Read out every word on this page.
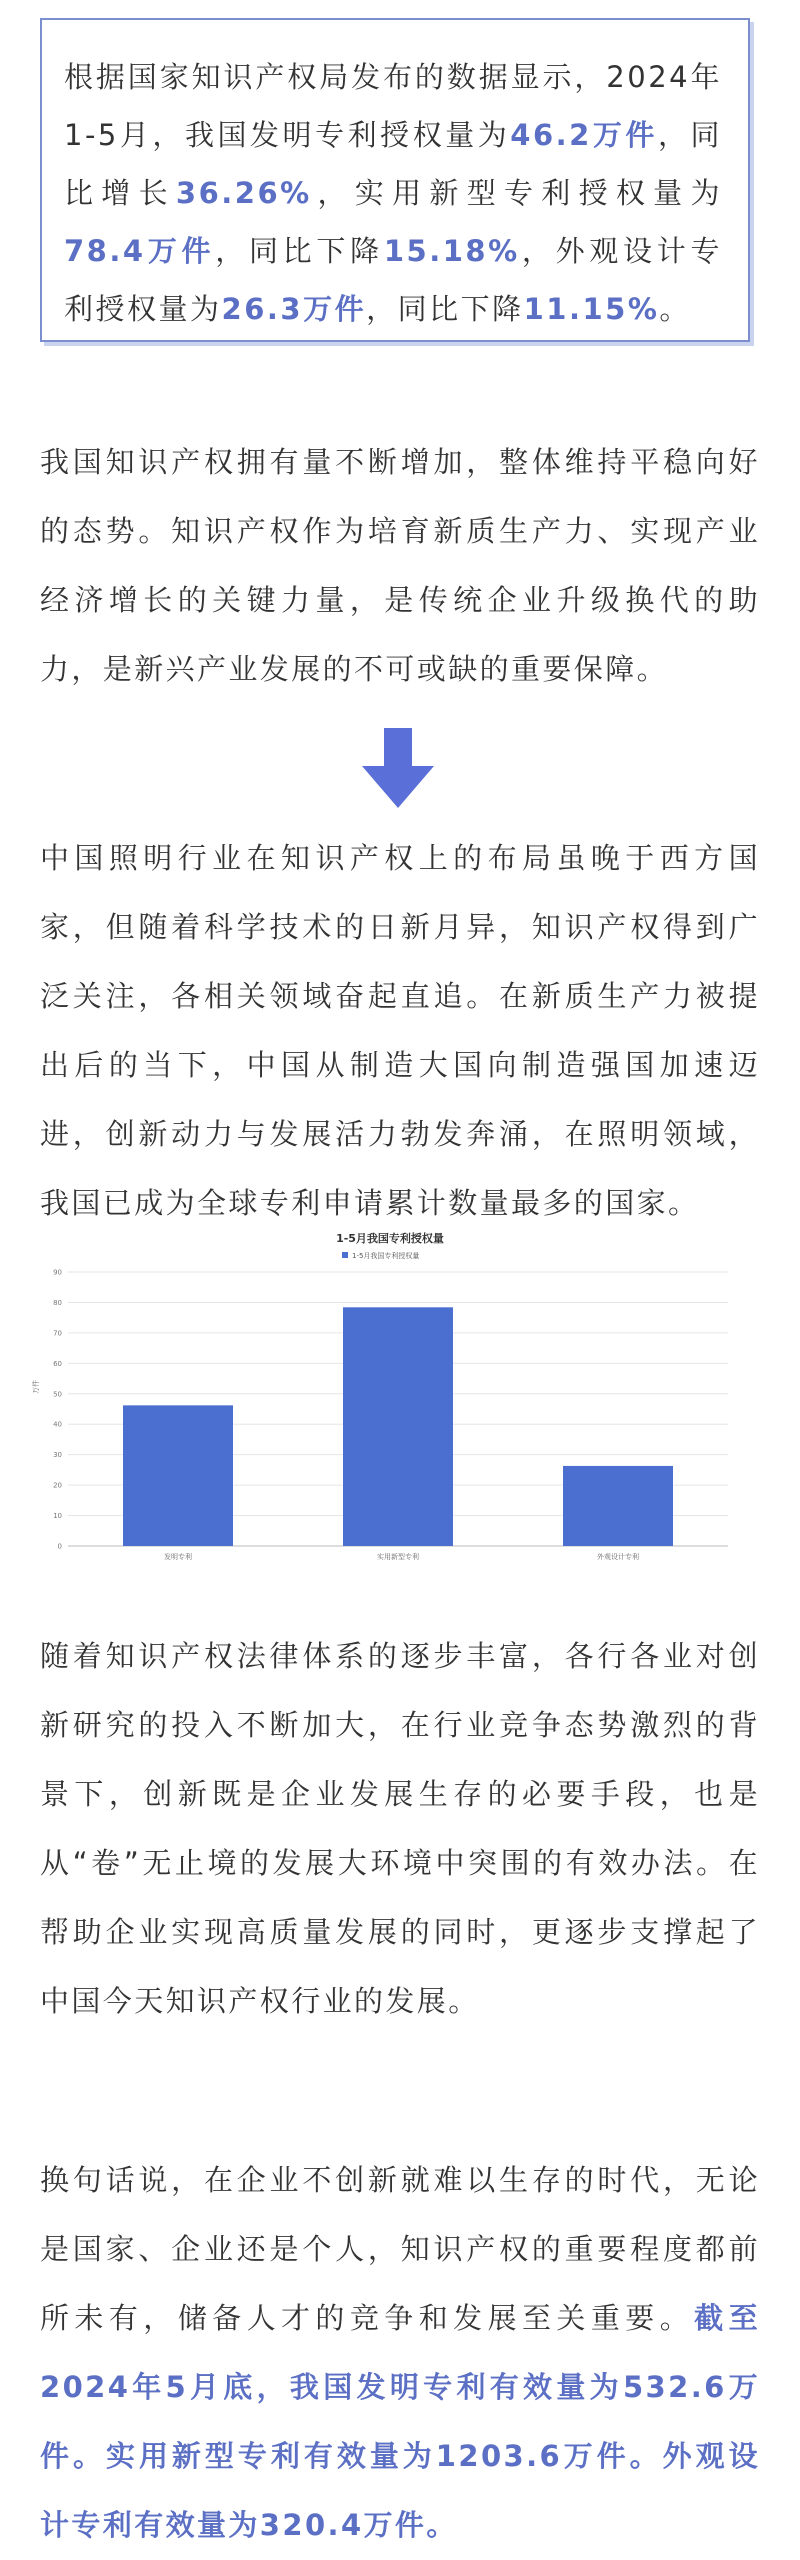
根据国家知识产权局发布的数据显示，2024年1-5月，我国发明专利授权量为46.2万件，同比增长36.26%，实用新型专利授权量为78.4万件，同比下降15.18%，外观设计专利授权量为26.3万件，同比下降11.15%。

我国知识产权拥有量不断增加，整体维持平稳向好的态势。知识产权作为培育新质生产力、实现产业经济增长的关键力量，是传统企业升级换代的助力，是新兴产业发展的不可或缺的重要保障。

中国照明行业在知识产权上的布局虽晚于西方国家，但随着科学技术的日新月异，知识产权得到广泛关注，各相关领域奋起直追。在新质生产力被提出后的当下，中国从制造大国向制造强国加速迈进，创新动力与发展活力勃发奔涌，在照明领域，我国已成为全球专利申请累计数量最多的国家。

1-5月我国专利授权量
1-5月我国专利授权量
万件
0
10
20
30
40
50
60
70
80
90
发明专利	实用新型专利	外观设计专利

随着知识产权法律体系的逐步丰富，各行各业对创新研究的投入不断加大，在行业竞争态势激烈的背景下，创新既是企业发展生存的必要手段，也是从“卷”无止境的发展大环境中突围的有效办法。在帮助企业实现高质量发展的同时，更逐步支撑起了中国今天知识产权行业的发展。

换句话说，在企业不创新就难以生存的时代，无论是国家、企业还是个人，知识产权的重要程度都前所未有，储备人才的竞争和发展至关重要。截至2024年5月底，我国发明专利有效量为532.6万件。实用新型专利有效量为1203.6万件。外观设计专利有效量为320.4万件。
